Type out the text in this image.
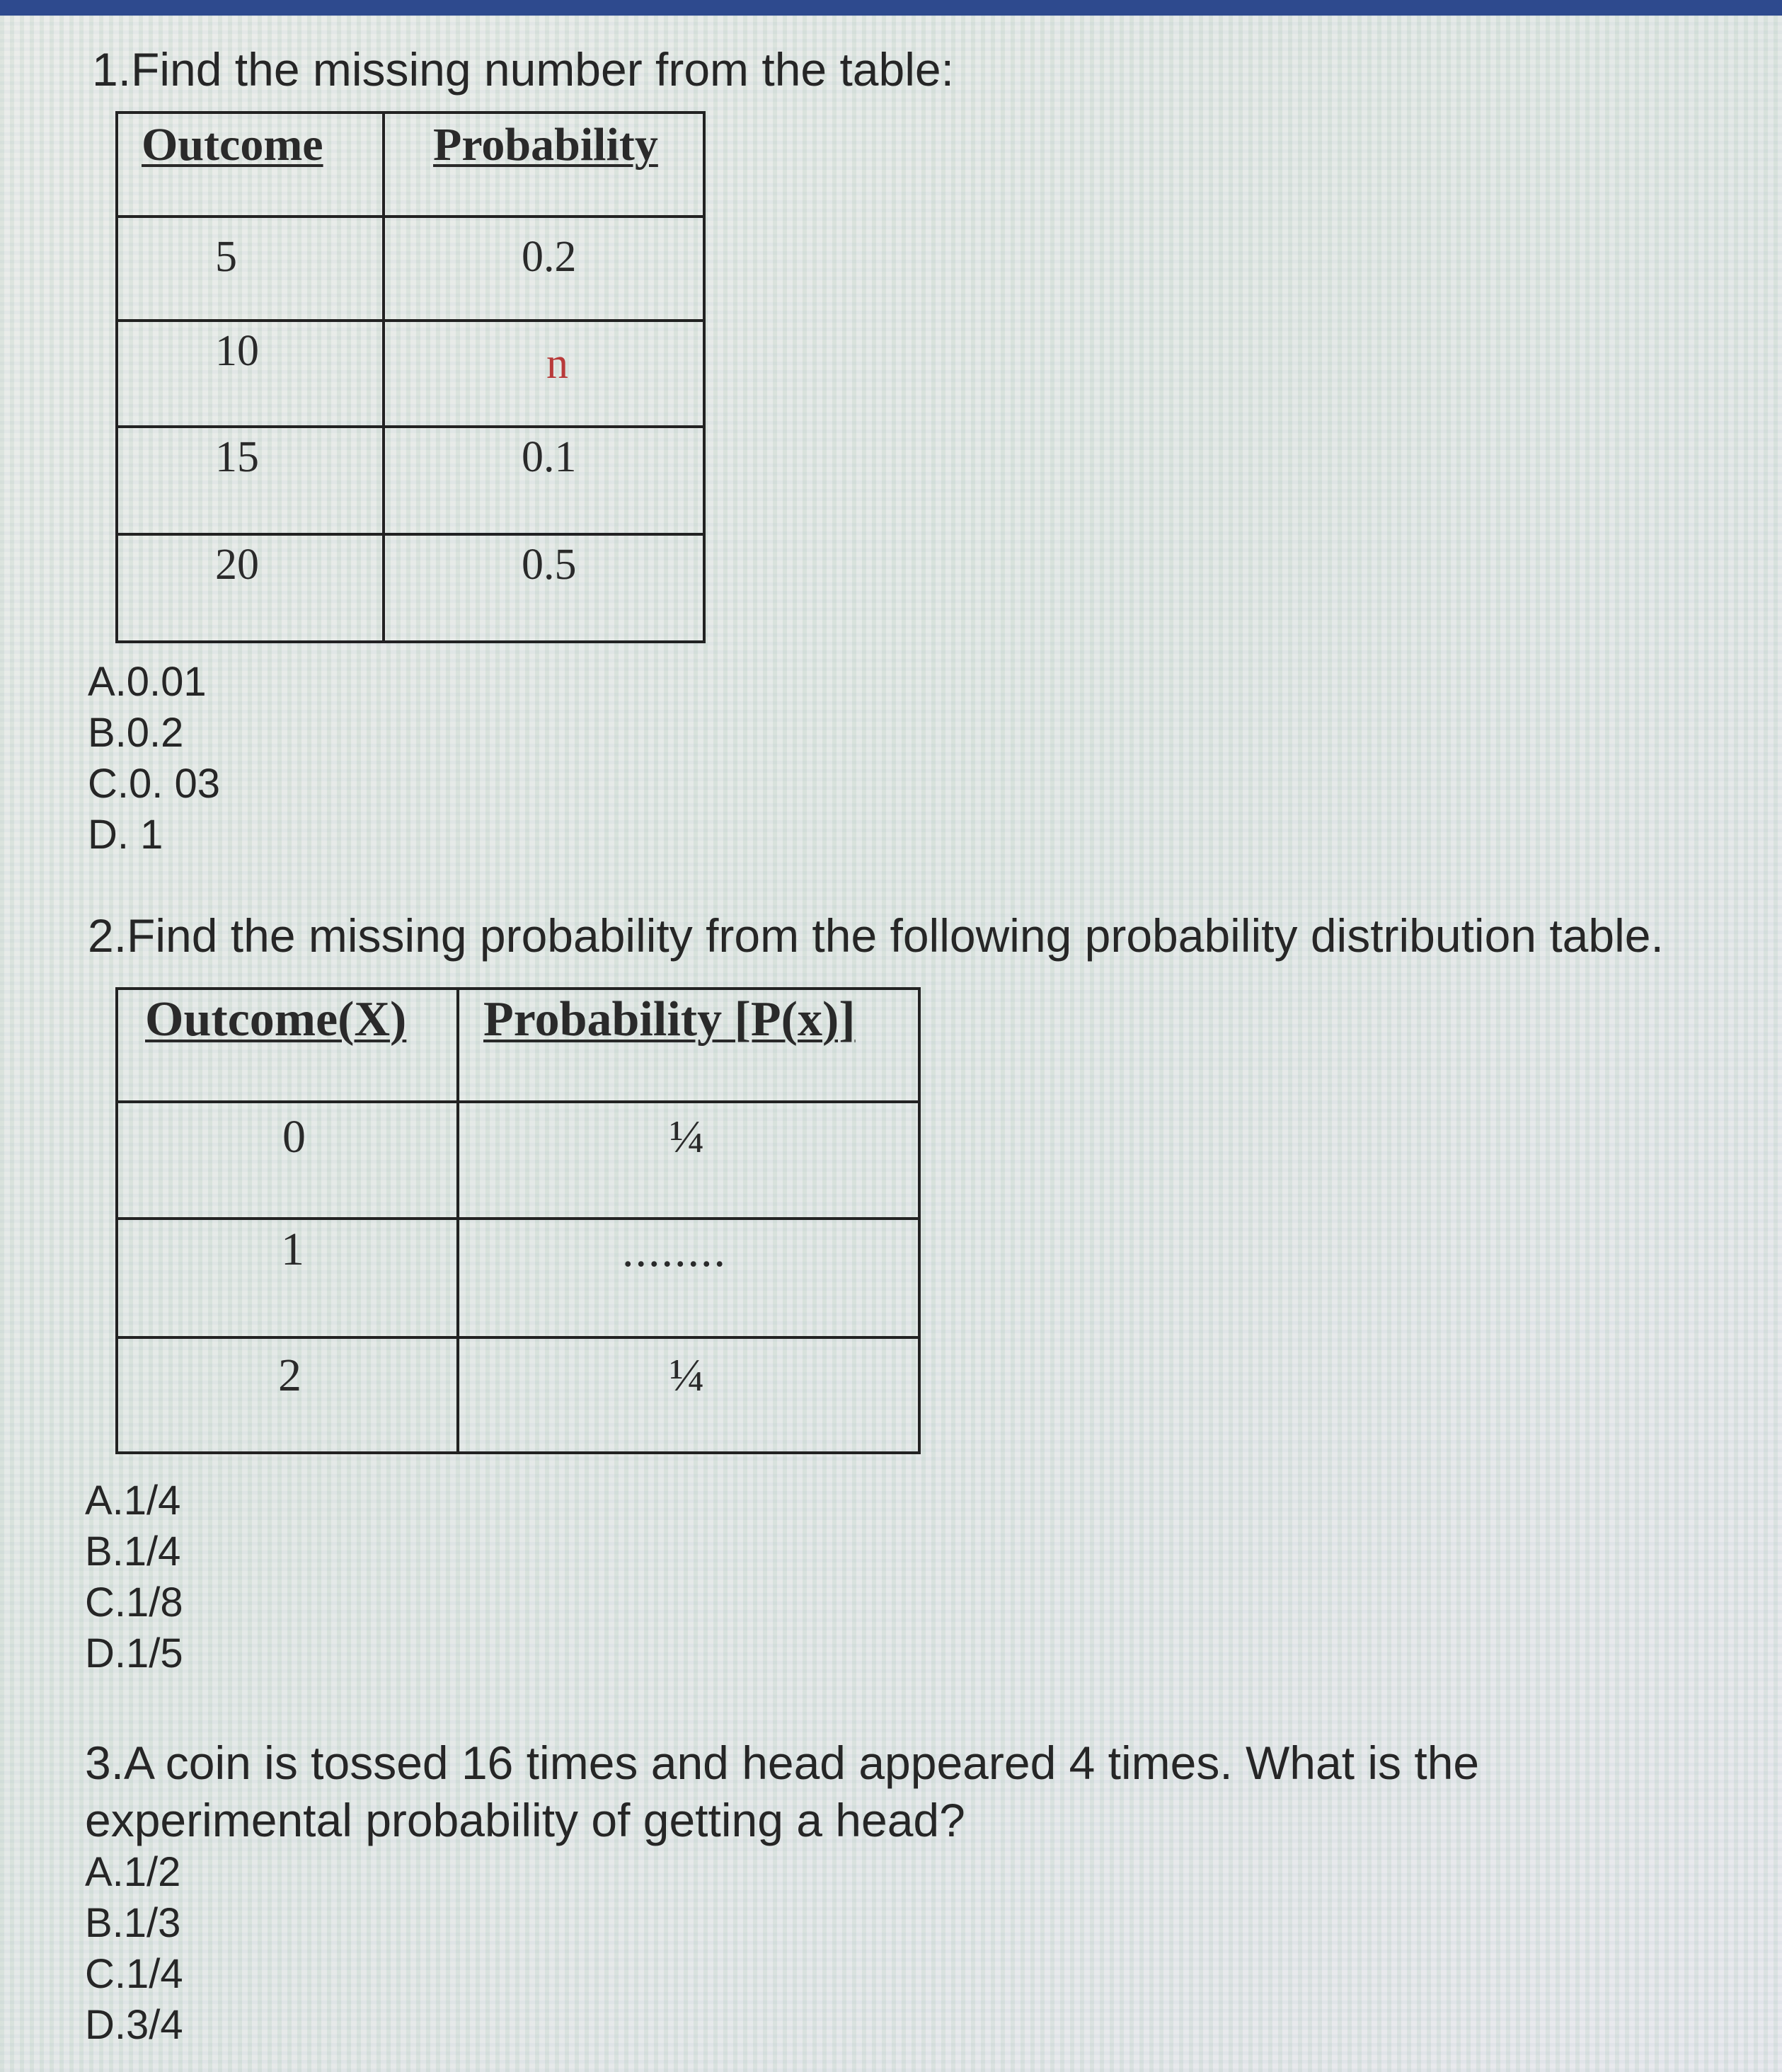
1.Find the missing number from the table:

Outcome	Probability
5	0.2
10	n
15	0.1
20	0.5
A.0.01
B.0.2
C.0. 03
D. 1

2.Find the missing probability from the following probability distribution table.

Outcome(X)	Probability [P(x)]
0	¼
1	........
2	¼
A.1/4
B.1/4
C.1/8
D.1/5

3.A coin is tossed 16 times and head appeared 4 times. What is the

experimental probability of getting a head?

A.1/2
B.1/3
C.1/4
D.3/4
